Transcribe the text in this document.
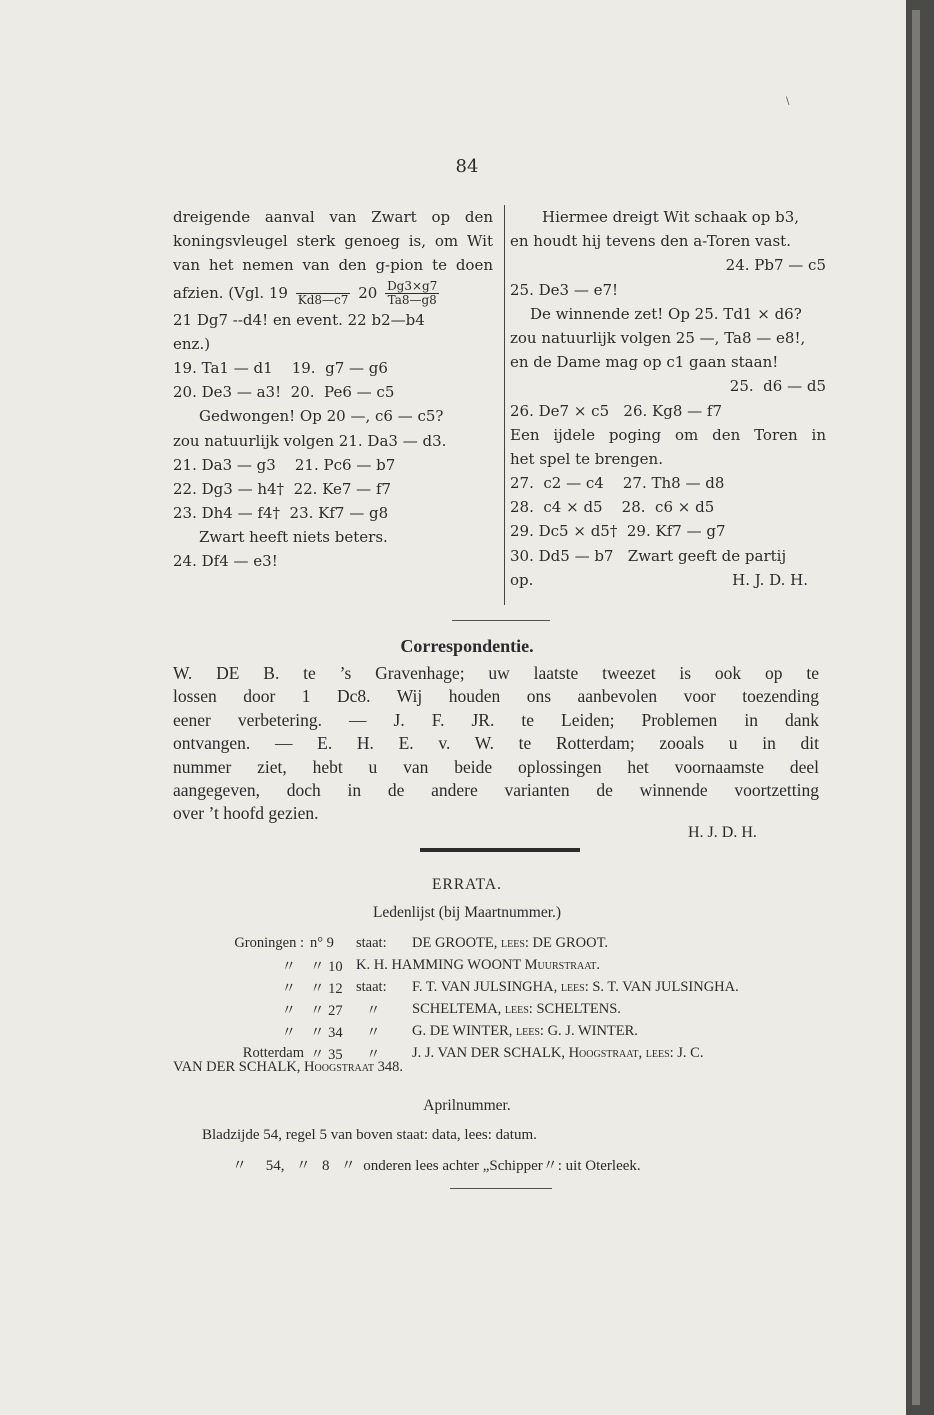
\
84
dreigende aanval van Zwart op den
koningsvleugel sterk genoeg is, om Wit
van het nemen van den g-pion te doen
afzien. (Vgl. 19
Kd8—c7 $20 \frac{Dg3\times g7}{Ta8—g8}$
21 Dg7 --d4! en event. 22 b2—b4
enz.)
19. Ta1 — d1    19.  g7 — g6
20. De3 — a3!  20.  Pe6 — c5
Gedwongen! Op 20 —, c6 — c5?
zou natuurlijk volgen 21. Da3 — d3.
21. Da3 — g3    21. Pc6 — b7
22. Dg3 — h4†  22. Ke7 — f7
23. Dh4 — f4†  23. Kf7 — g8
Zwart heeft niets beters.
24. Df4 — e3!
Hiermee dreigt Wit schaak op b3,
en houdt hij tevens den a-Toren vast.
24. Pb7 — c5
25. De3 — e7!
De winnende zet! Op 25. Td1 × d6?
zou natuurlijk volgen 25 —, Ta8 — e8!,
en de Dame mag op c1 gaan staan!
25.  d6 — d5
26. De7 × c5   26. Kg8 — f7
Een ijdele poging om den Toren in
het spel te brengen.
27.  c2 — c4    27. Th8 — d8
28.  c4 × d5    28.  c6 × d5
29. Dc5 × d5†  29. Kf7 — g7
30. Dd5 — b7   Zwart geeft de partij
op.	H. J. D. H.
Correspondentie.
W. DE B. te ’s Gravenhage; uw laatste tweezet is ook op te
lossen door 1 Dc8. Wij houden ons aanbevolen voor toezending
eener verbetering. — J. F. JR. te Leiden; Problemen in dank
ontvangen. — E. H. E. v. W. te Rotterdam; zooals u in dit
nummer ziet, hebt u van beide oplossingen het voornaamste deel
aangegeven, doch in de andere varianten de winnende voortzetting
over ’t hoofd gezien.
H. J. D. H.
ERRATA.
Ledenlijst (bij Maartnummer.)
Groningen :	n° 9	staat:	DE GROOTE, lees: DE GROOT.
〃	〃 10	K. H. HAMMING WOONT Muurstraat.	
〃	〃 12	staat:	F. T. VAN JULSINGHA, lees: S. T. VAN JULSINGHA.
〃	〃 27	〃	SCHELTEMA, lees: SCHELTENS.
〃	〃 34	〃	G. DE WINTER, lees: G. J. WINTER.
Rotterdam	〃 35	〃	J. J. VAN DER SCHALK, Hoogstraat, lees: J. C.
VAN DER SCHALK, Hoogstraat 348.
Aprilnummer.
Bladzijde 54, regel 5 van boven staat: data, lees: datum.
〃     54,   〃   8   〃  onderen lees achter „Schipper〃: uit Oterleek.
